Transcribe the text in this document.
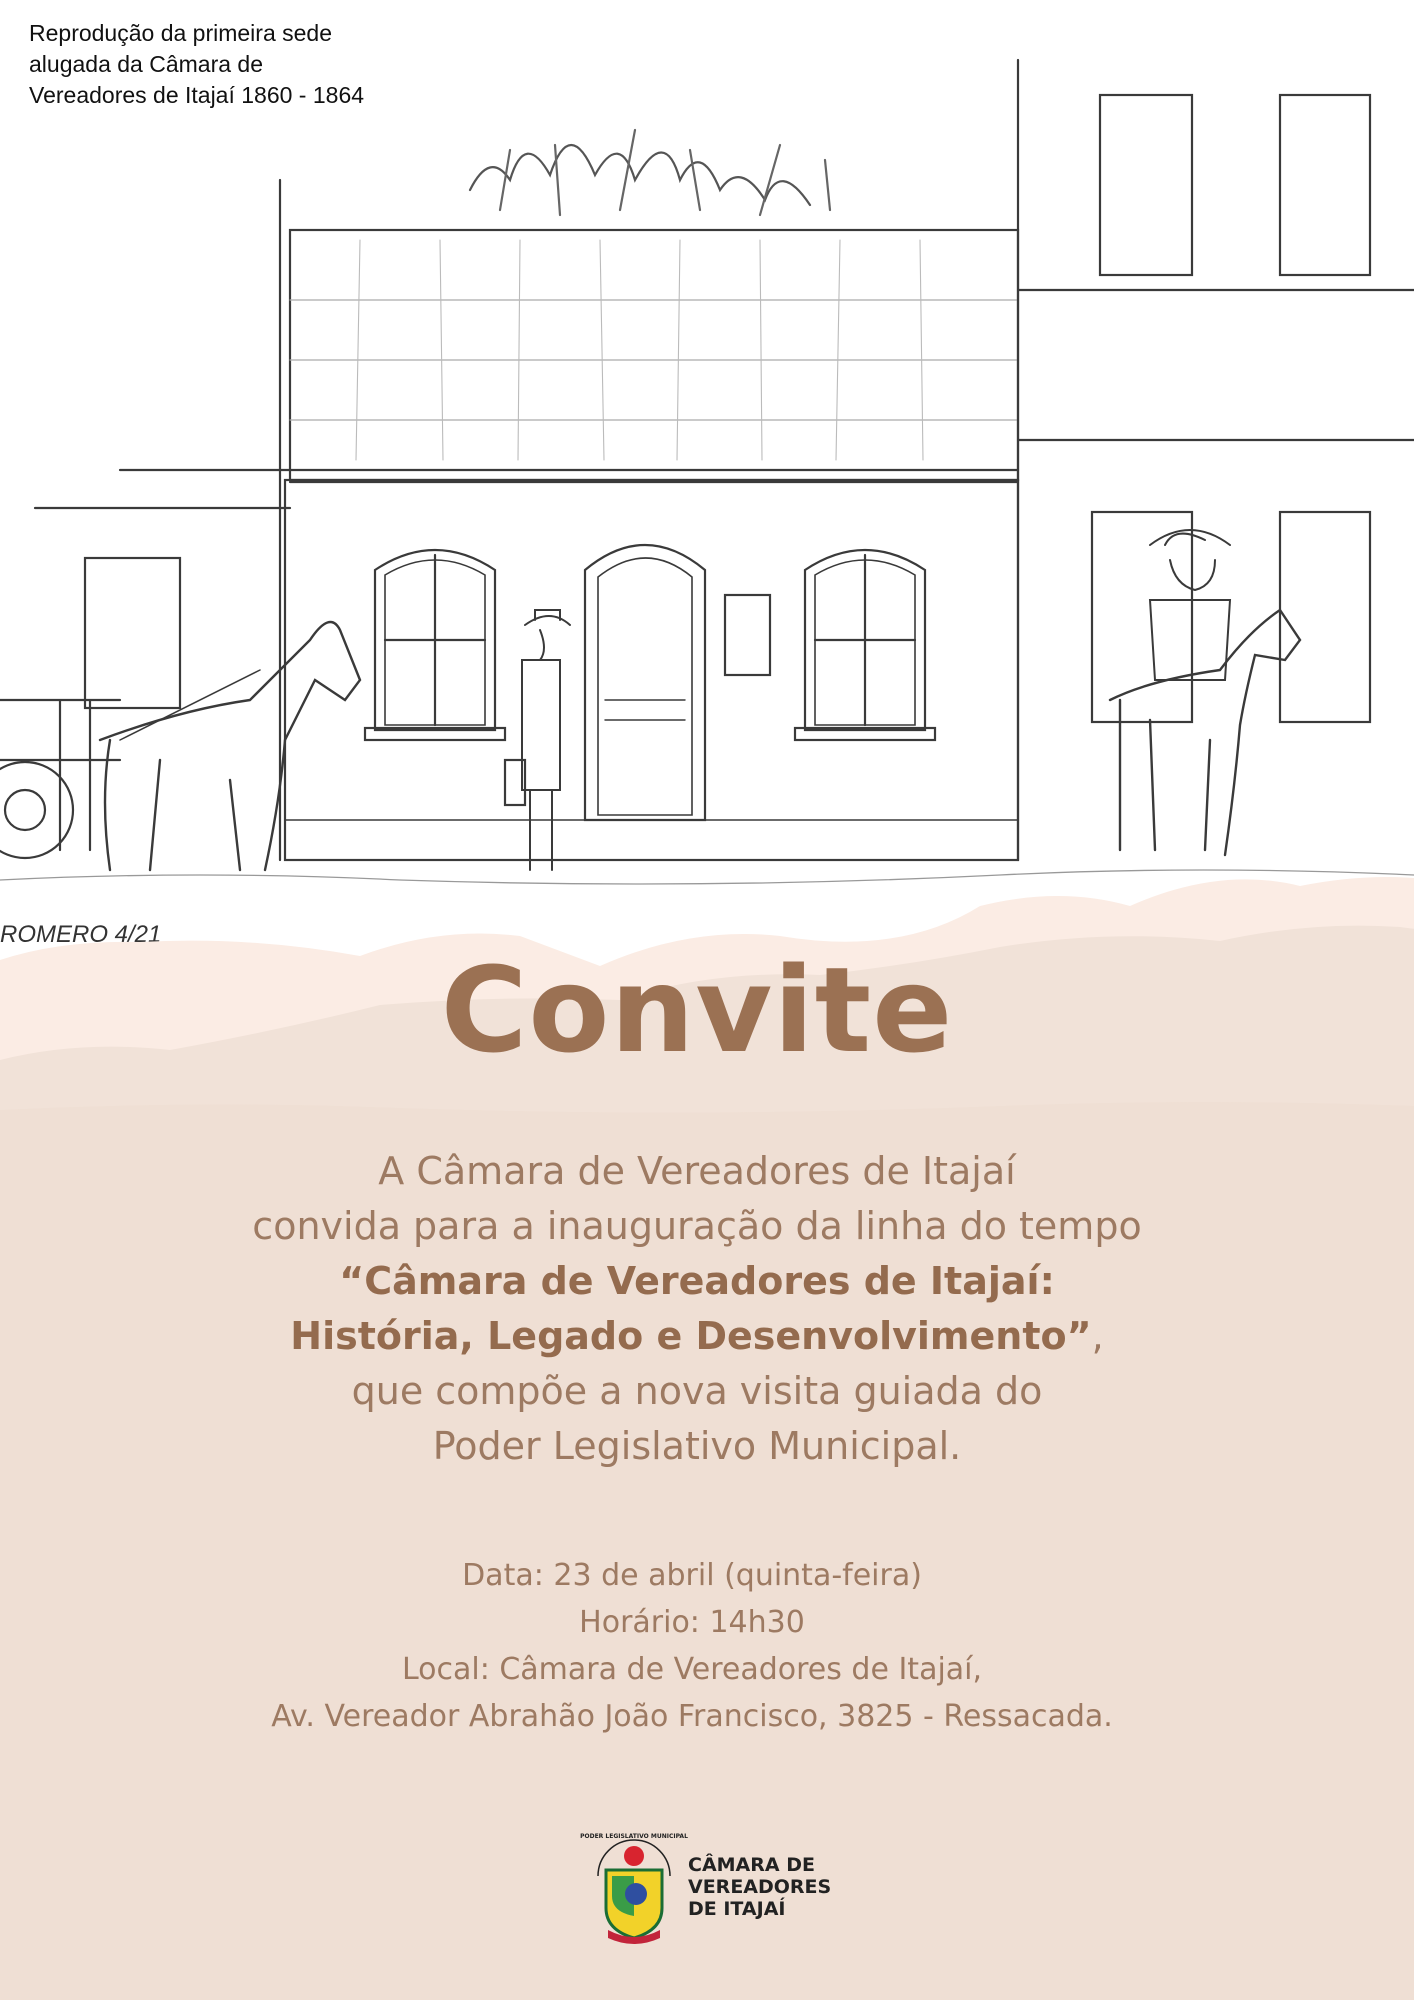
ROMERO 4/21
Reprodução da primeira sede
alugada da Câmara de
Vereadores de Itajaí 1860 - 1864
Convite
A Câmara de Vereadores de Itajaí
convida para a inauguração da linha do tempo
“Câmara de Vereadores de Itajaí:
História, Legado e Desenvolvimento”,
que compõe a nova visita guiada do
Poder Legislativo Municipal.
Data: 23 de abril (quinta-feira)
Horário: 14h30
Local: Câmara de Vereadores de Itajaí,
Av. Vereador Abrahão João Francisco, 3825 - Ressacada.
PODER LEGISLATIVO MUNICIPAL
CÂMARA DE
VEREADORES
DE ITAJAÍ
